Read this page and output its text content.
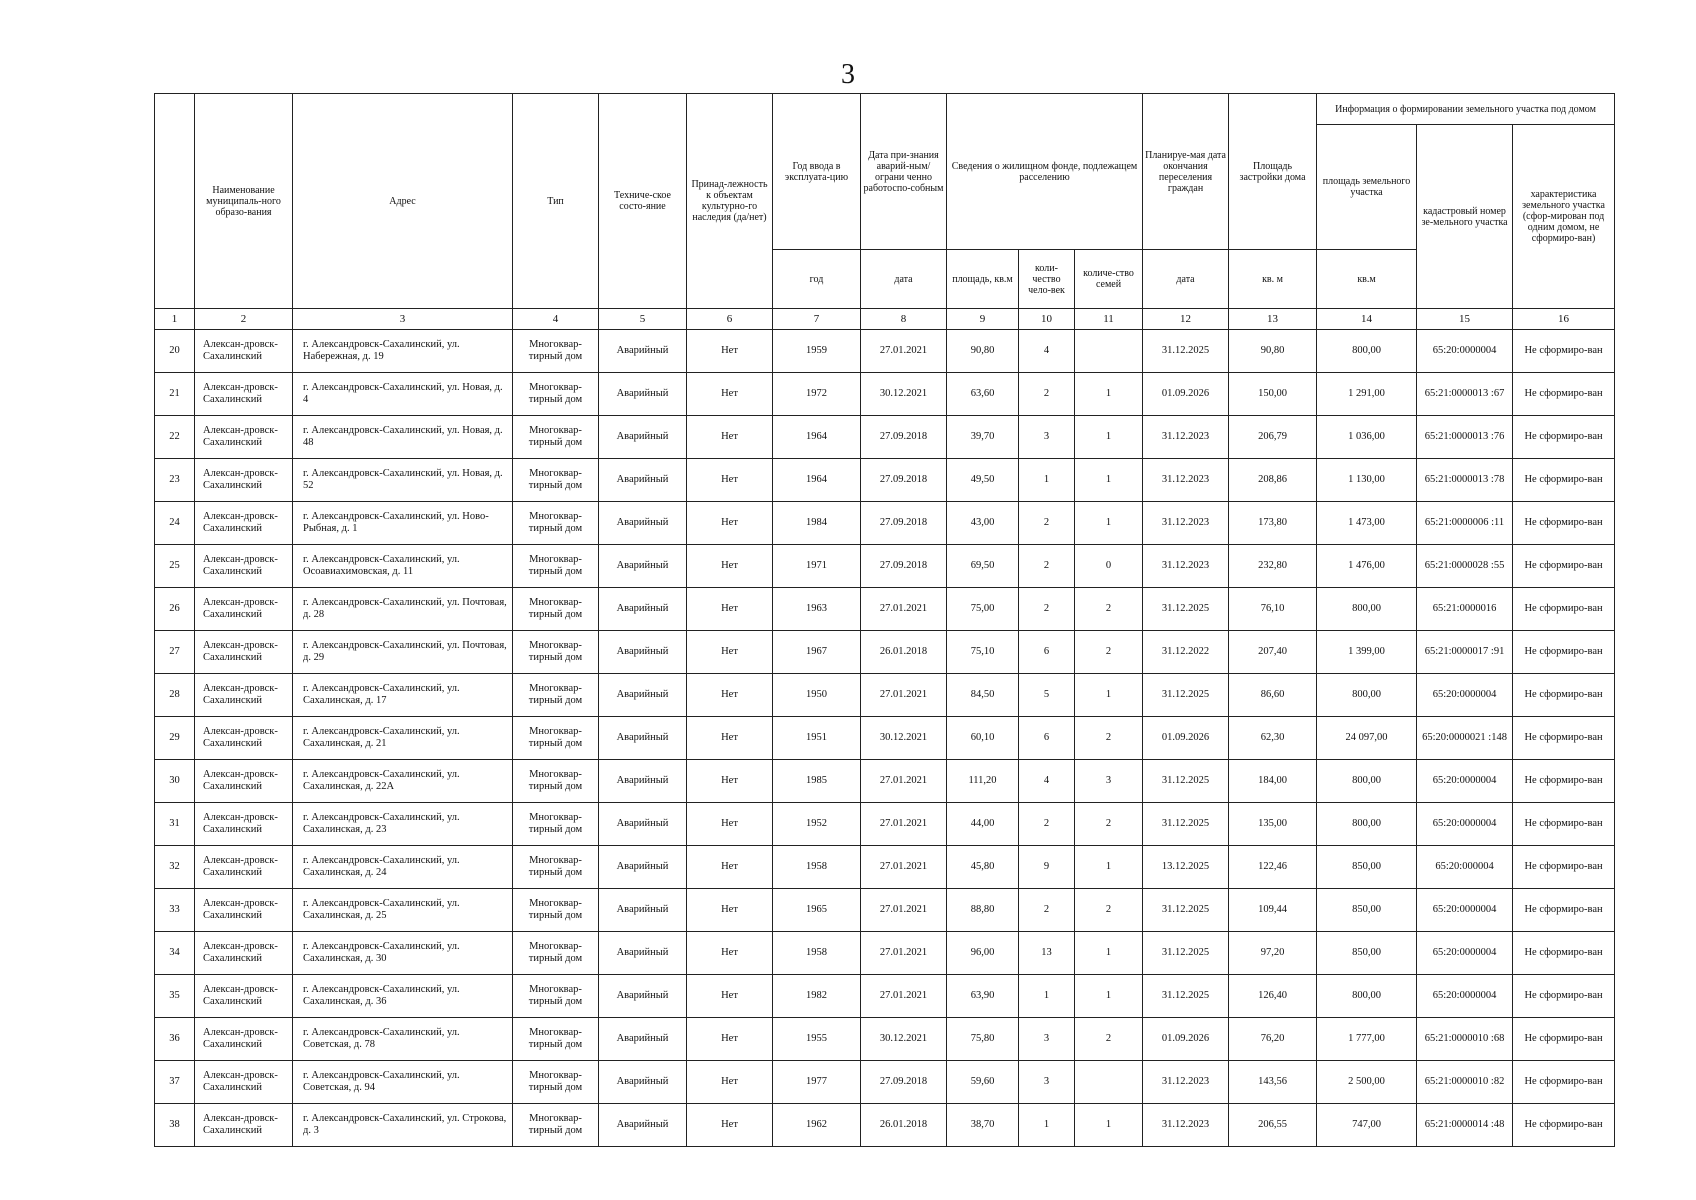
3
	Наименование муниципаль-ного образо-вания	Адрес	Тип	Техниче-ское состо-яние	Принад-лежность к объектам культурно-го наследия (да/нет)	Год ввода в эксплуата-цию	Дата при-знания аварий-ным/ограни ченно работоспо-собным	Сведения о жилищном фонде, подлежащем расселению			Планируе-мая дата окончания переселения граждан	Площадь застройки дома	Информация о формировании земельного участка под домом		
													площадь земельного участка	кадастровый номер зе-мельного участка	характеристика земельного участка (сфор-мирован под одним домом, не сформиро-ван)
						год	дата	площадь, кв.м	коли-чество чело-век	количе-ство семей	дата	кв. м	кв.м		
1	2	3	4	5	6	7	8	9	10	11	12	13	14	15	16
20	Алексан-дровск-Сахалинский	г. Александровск-Сахалинский, ул. Набережная, д. 19	Многоквар-тирный дом	Аварийный	Нет	1959	27.01.2021	90,80	4		31.12.2025	90,80	800,00	65:20:0000004	Не сформиро-ван
21	Алексан-дровск-Сахалинский	г. Александровск-Сахалинский, ул. Новая, д. 4	Многоквар-тирный дом	Аварийный	Нет	1972	30.12.2021	63,60	2	1	01.09.2026	150,00	1 291,00	65:21:0000013 :67	Не сформиро-ван
22	Алексан-дровск-Сахалинский	г. Александровск-Сахалинский, ул. Новая, д. 48	Многоквар-тирный дом	Аварийный	Нет	1964	27.09.2018	39,70	3	1	31.12.2023	206,79	1 036,00	65:21:0000013 :76	Не сформиро-ван
23	Алексан-дровск-Сахалинский	г. Александровск-Сахалинский, ул. Новая, д. 52	Многоквар-тирный дом	Аварийный	Нет	1964	27.09.2018	49,50	1	1	31.12.2023	208,86	1 130,00	65:21:0000013 :78	Не сформиро-ван
24	Алексан-дровск-Сахалинский	г. Александровск-Сахалинский, ул. Ново-Рыбная, д. 1	Многоквар-тирный дом	Аварийный	Нет	1984	27.09.2018	43,00	2	1	31.12.2023	173,80	1 473,00	65:21:0000006 :11	Не сформиро-ван
25	Алексан-дровск-Сахалинский	г. Александровск-Сахалинский, ул. Осоавиахимовская, д. 11	Многоквар-тирный дом	Аварийный	Нет	1971	27.09.2018	69,50	2	0	31.12.2023	232,80	1 476,00	65:21:0000028 :55	Не сформиро-ван
26	Алексан-дровск-Сахалинский	г. Александровск-Сахалинский, ул. Почтовая, д. 28	Многоквар-тирный дом	Аварийный	Нет	1963	27.01.2021	75,00	2	2	31.12.2025	76,10	800,00	65:21:0000016	Не сформиро-ван
27	Алексан-дровск-Сахалинский	г. Александровск-Сахалинский, ул. Почтовая, д. 29	Многоквар-тирный дом	Аварийный	Нет	1967	26.01.2018	75,10	6	2	31.12.2022	207,40	1 399,00	65:21:0000017 :91	Не сформиро-ван
28	Алексан-дровск-Сахалинский	г. Александровск-Сахалинский, ул. Сахалинская, д. 17	Многоквар-тирный дом	Аварийный	Нет	1950	27.01.2021	84,50	5	1	31.12.2025	86,60	800,00	65:20:0000004	Не сформиро-ван
29	Алексан-дровск-Сахалинский	г. Александровск-Сахалинский, ул. Сахалинская, д. 21	Многоквар-тирный дом	Аварийный	Нет	1951	30.12.2021	60,10	6	2	01.09.2026	62,30	24 097,00	65:20:0000021 :148	Не сформиро-ван
30	Алексан-дровск-Сахалинский	г. Александровск-Сахалинский, ул. Сахалинская, д. 22А	Многоквар-тирный дом	Аварийный	Нет	1985	27.01.2021	111,20	4	3	31.12.2025	184,00	800,00	65:20:0000004	Не сформиро-ван
31	Алексан-дровск-Сахалинский	г. Александровск-Сахалинский, ул. Сахалинская, д. 23	Многоквар-тирный дом	Аварийный	Нет	1952	27.01.2021	44,00	2	2	31.12.2025	135,00	800,00	65:20:0000004	Не сформиро-ван
32	Алексан-дровск-Сахалинский	г. Александровск-Сахалинский, ул. Сахалинская, д. 24	Многоквар-тирный дом	Аварийный	Нет	1958	27.01.2021	45,80	9	1	13.12.2025	122,46	850,00	65:20:000004	Не сформиро-ван
33	Алексан-дровск-Сахалинский	г. Александровск-Сахалинский, ул. Сахалинская, д. 25	Многоквар-тирный дом	Аварийный	Нет	1965	27.01.2021	88,80	2	2	31.12.2025	109,44	850,00	65:20:0000004	Не сформиро-ван
34	Алексан-дровск-Сахалинский	г. Александровск-Сахалинский, ул. Сахалинская, д. 30	Многоквар-тирный дом	Аварийный	Нет	1958	27.01.2021	96,00	13	1	31.12.2025	97,20	850,00	65:20:0000004	Не сформиро-ван
35	Алексан-дровск-Сахалинский	г. Александровск-Сахалинский, ул. Сахалинская, д. 36	Многоквар-тирный дом	Аварийный	Нет	1982	27.01.2021	63,90	1	1	31.12.2025	126,40	800,00	65:20:0000004	Не сформиро-ван
36	Алексан-дровск-Сахалинский	г. Александровск-Сахалинский, ул. Советская, д. 78	Многоквар-тирный дом	Аварийный	Нет	1955	30.12.2021	75,80	3	2	01.09.2026	76,20	1 777,00	65:21:0000010 :68	Не сформиро-ван
37	Алексан-дровск-Сахалинский	г. Александровск-Сахалинский, ул. Советская, д. 94	Многоквар-тирный дом	Аварийный	Нет	1977	27.09.2018	59,60	3		31.12.2023	143,56	2 500,00	65:21:0000010 :82	Не сформиро-ван
38	Алексан-дровск-Сахалинский	г. Александровск-Сахалинский, ул. Строкова, д. 3	Многоквар-тирный дом	Аварийный	Нет	1962	26.01.2018	38,70	1	1	31.12.2023	206,55	747,00	65:21:0000014 :48	Не сформиро-ван
